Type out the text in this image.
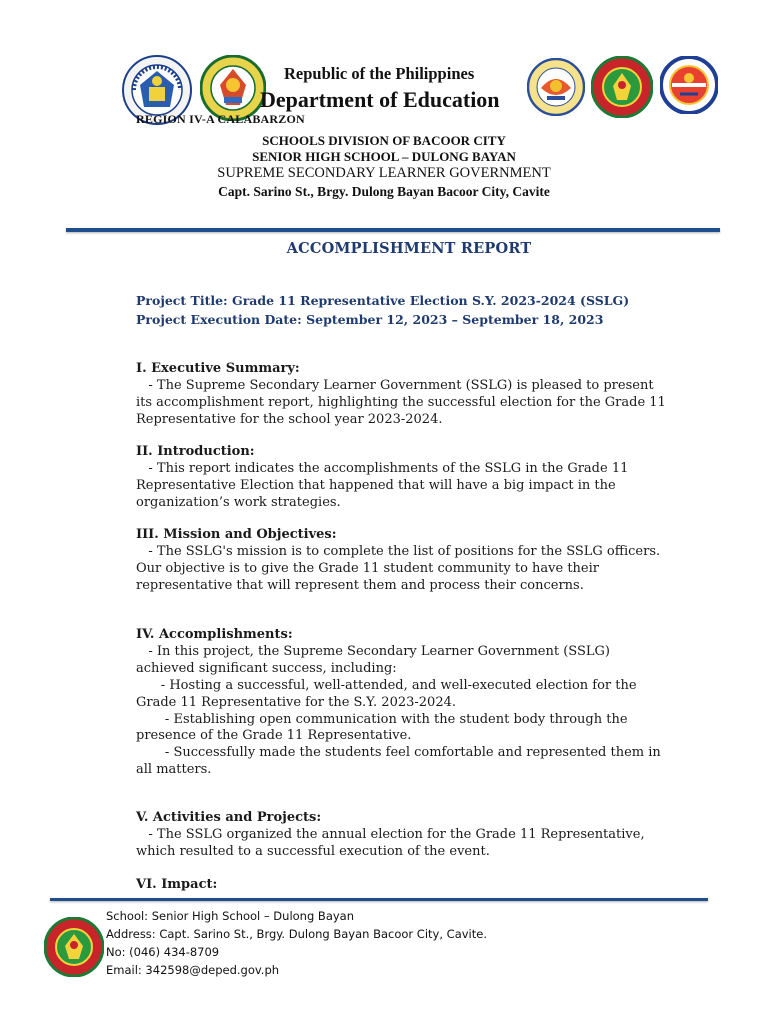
Republic of the Philippines
Department of Education
REGION IV-A CALABARZON
SCHOOLS DIVISION OF BACOOR CITY
SENIOR HIGH SCHOOL – DULONG BAYAN
SUPREME SECONDARY LEARNER GOVERNMENT
Capt. Sarino St., Brgy. Dulong Bayan Bacoor City, Cavite
ACCOMPLISHMENT REPORT
Project Title: Grade 11 Representative Election S.Y. 2023-2024 (SSLG)
Project Execution Date: September 12, 2023 – September 18, 2023
I. Executive Summary:
- The Supreme Secondary Learner Government (SSLG) is pleased to present
its accomplishment report, highlighting the successful election for the Grade 11
Representative for the school year 2023-2024.
II. Introduction:
- This report indicates the accomplishments of the SSLG in the Grade 11
Representative Election that happened that will have a big impact in the
organization’s work strategies.
III. Mission and Objectives:
- The SSLG's mission is to complete the list of positions for the SSLG officers.
Our objective is to give the Grade 11 student community to have their
representative that will represent them and process their concerns.
IV. Accomplishments:
- In this project, the Supreme Secondary Learner Government (SSLG)
achieved significant success, including:
- Hosting a successful, well-attended, and well-executed election for the
Grade 11 Representative for the S.Y. 2023-2024.
- Establishing open communication with the student body through the
presence of the Grade 11 Representative.
- Successfully made the students feel comfortable and represented them in
all matters.
V. Activities and Projects:
- The SSLG organized the annual election for the Grade 11 Representative,
which resulted to a successful execution of the event.
VI. Impact:
School: Senior High School – Dulong Bayan
Address: Capt. Sarino St., Brgy. Dulong Bayan Bacoor City, Cavite.
No: (046) 434-8709
Email: 342598@deped.gov.ph
